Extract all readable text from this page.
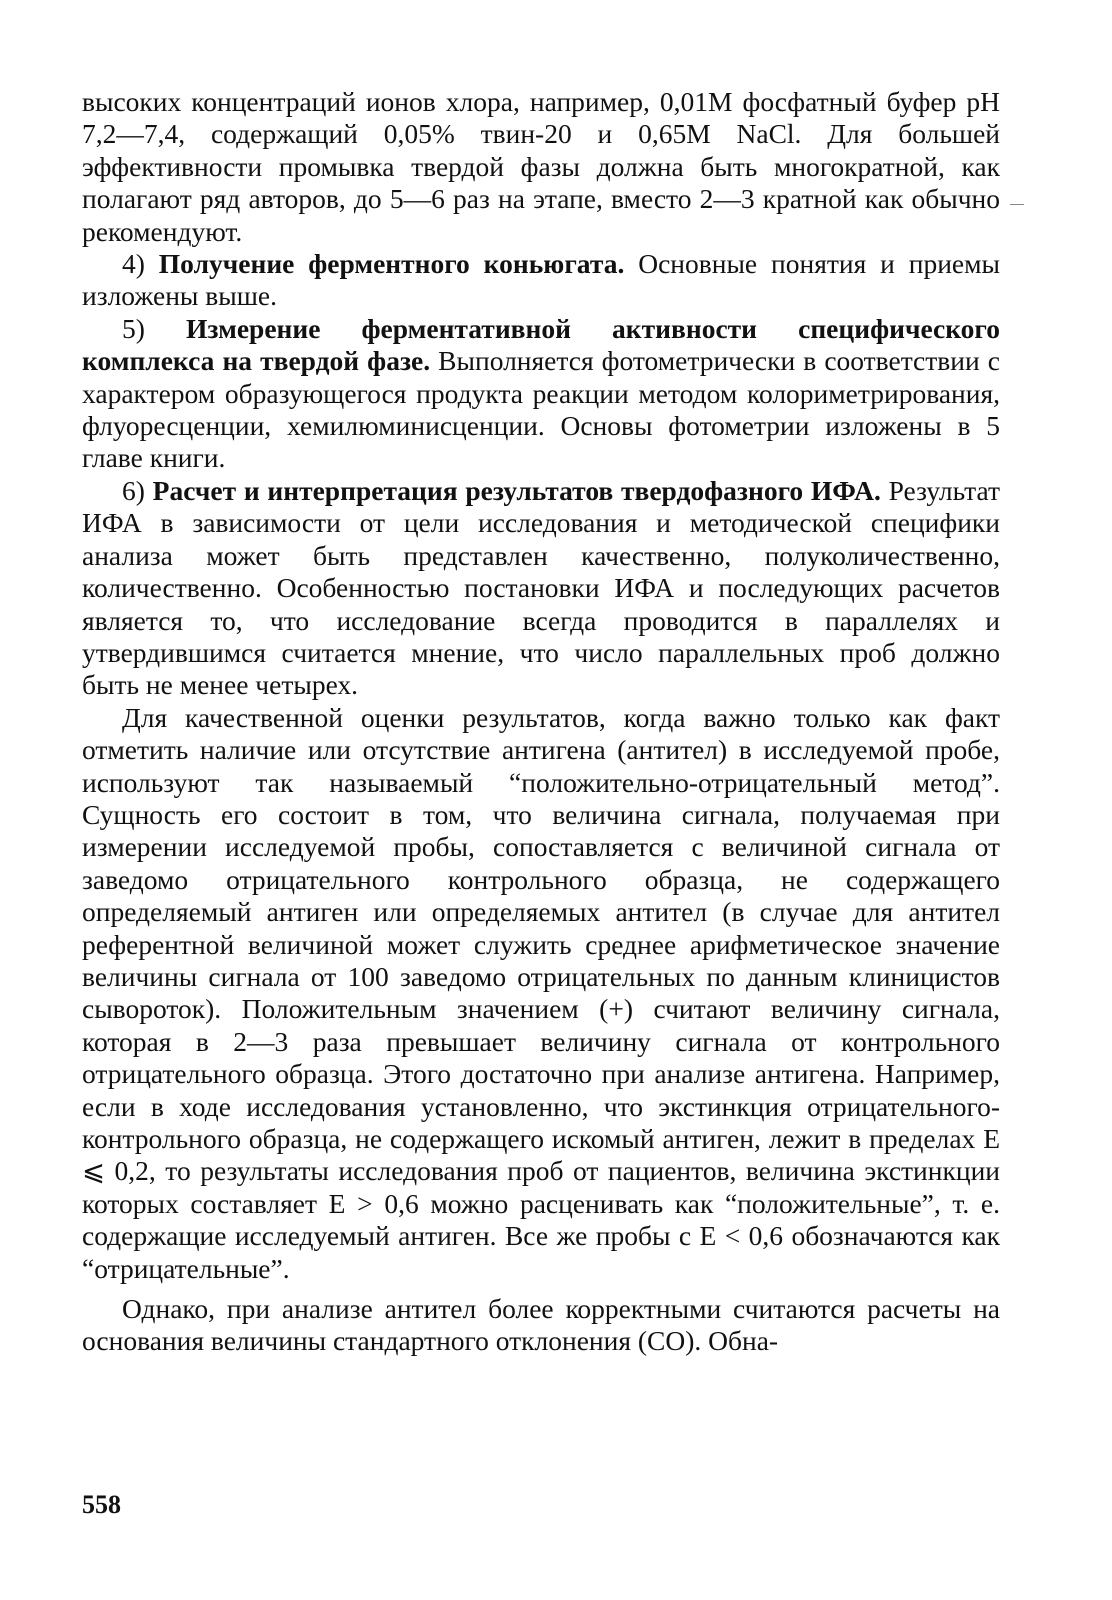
высоких концентраций ионов хлора, например, 0,01М фосфатный буфер pH 7,2—7,4, содержащий 0,05% твин-20 и 0,65М NaCl. Для большей эффективности промывка твердой фазы должна быть многократной, как полагают ряд авторов, до 5—6 раз на этапе, вместо 2—3 кратной как обычно рекомендуют.

4) Получение ферментного коньюгата. Основные понятия и приемы изложены выше.

5) Измерение ферментативной активности специфического комплекса на твердой фазе. Выполняется фотометрически в соответствии с характером образующегося продукта реакции методом колориметрирования, флуоресценции, хемилюминисценции. Основы фотометрии изложены в 5 главе книги.

6) Расчет и интерпретация результатов твердофазного ИФА. Результат ИФА в зависимости от цели исследования и методической специфики анализа может быть представлен качественно, полуколичественно, количественно. Особенностью постановки ИФА и последующих расчетов является то, что исследование всегда проводится в параллелях и утвердившимся считается мнение, что число параллельных проб должно быть не менее четырех.

Для качественной оценки результатов, когда важно только как факт отметить наличие или отсутствие антигена (антител) в исследуемой пробе, используют так называемый “положительно-отрицательный метод”. Сущность его состоит в том, что величина сигнала, получаемая при измерении исследуемой пробы, сопоставляется с величиной сигнала от заведомо отрицательного контрольного образца, не содержащего определяемый антиген или определяемых антител (в случае для антител референтной величиной может служить среднее арифметическое значение величины сигнала от 100 заведомо отрицательных по данным клиницистов сывороток). Положительным значением (+) считают величину сигнала, которая в 2—3 раза превышает величину сигнала от контрольного отрицательного образца. Этого достаточно при анализе антигена. Например, если в ходе исследования установленно, что экстинкция отрицательного-контрольного образца, не содержащего искомый антиген, лежит в пределах E ⩽ 0,2, то результаты исследования проб от пациентов, величина экстинкции которых составляет E > 0,6 можно расценивать как “положительные”, т. е. содержащие исследуемый антиген. Все же пробы с E < 0,6 обозначаются как “отрицательные”.

Однако, при анализе антител более корректными считаются расчеты на основания величины стандартного отклонения (СО). Обна-

558
